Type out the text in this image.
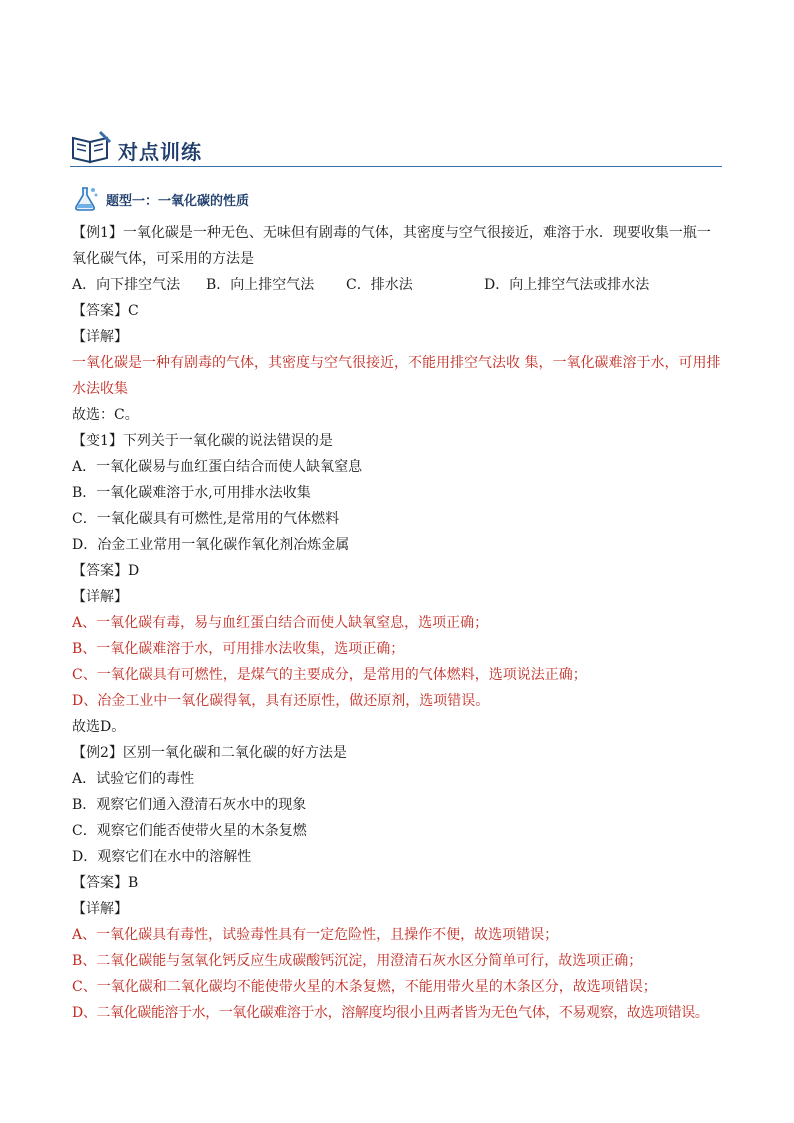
对点训练
题型一：一氧化碳的性质
【例1】一氧化碳是一种无色、无味但有剧毒的气体，其密度与空气很接近，难溶于水．现要收集一瓶一氧化碳气体，可采用的方法是
A．向下排空气法	B．向上排空气法	C．排水法	D．向上排空气法或排水法
【答案】C
【详解】
一氧化碳是一种有剧毒的气体，其密度与空气很接近，不能用排空气法收 集，一氧化碳难溶于水，可用排水法收集
故选：C。
【变1】下列关于一氧化碳的说法错误的是
A．一氧化碳易与血红蛋白结合而使人缺氧窒息
B．一氧化碳难溶于水,可用排水法收集
C．一氧化碳具有可燃性,是常用的气体燃料
D．冶金工业常用一氧化碳作氧化剂冶炼金属
【答案】D
【详解】
A、一氧化碳有毒，易与血红蛋白结合而使人缺氧窒息，选项正确；
B、一氧化碳难溶于水，可用排水法收集，选项正确；
C、一氧化碳具有可燃性，是煤气的主要成分，是常用的气体燃料，选项说法正确；
D、冶金工业中一氧化碳得氧，具有还原性，做还原剂，选项错误。
故选D。
【例2】区别一氧化碳和二氧化碳的好方法是
A．试验它们的毒性
B．观察它们通入澄清石灰水中的现象
C．观察它们能否使带火星的木条复燃
D．观察它们在水中的溶解性
【答案】B
【详解】
A、一氧化碳具有毒性，试验毒性具有一定危险性，且操作不便，故选项错误；
B、二氧化碳能与氢氧化钙反应生成碳酸钙沉淀，用澄清石灰水区分简单可行，故选项正确；
C、一氧化碳和二氧化碳均不能使带火星的木条复燃，不能用带火星的木条区分，故选项错误；
D、二氧化碳能溶于水，一氧化碳难溶于水，溶解度均很小且两者皆为无色气体，不易观察，故选项错误。
